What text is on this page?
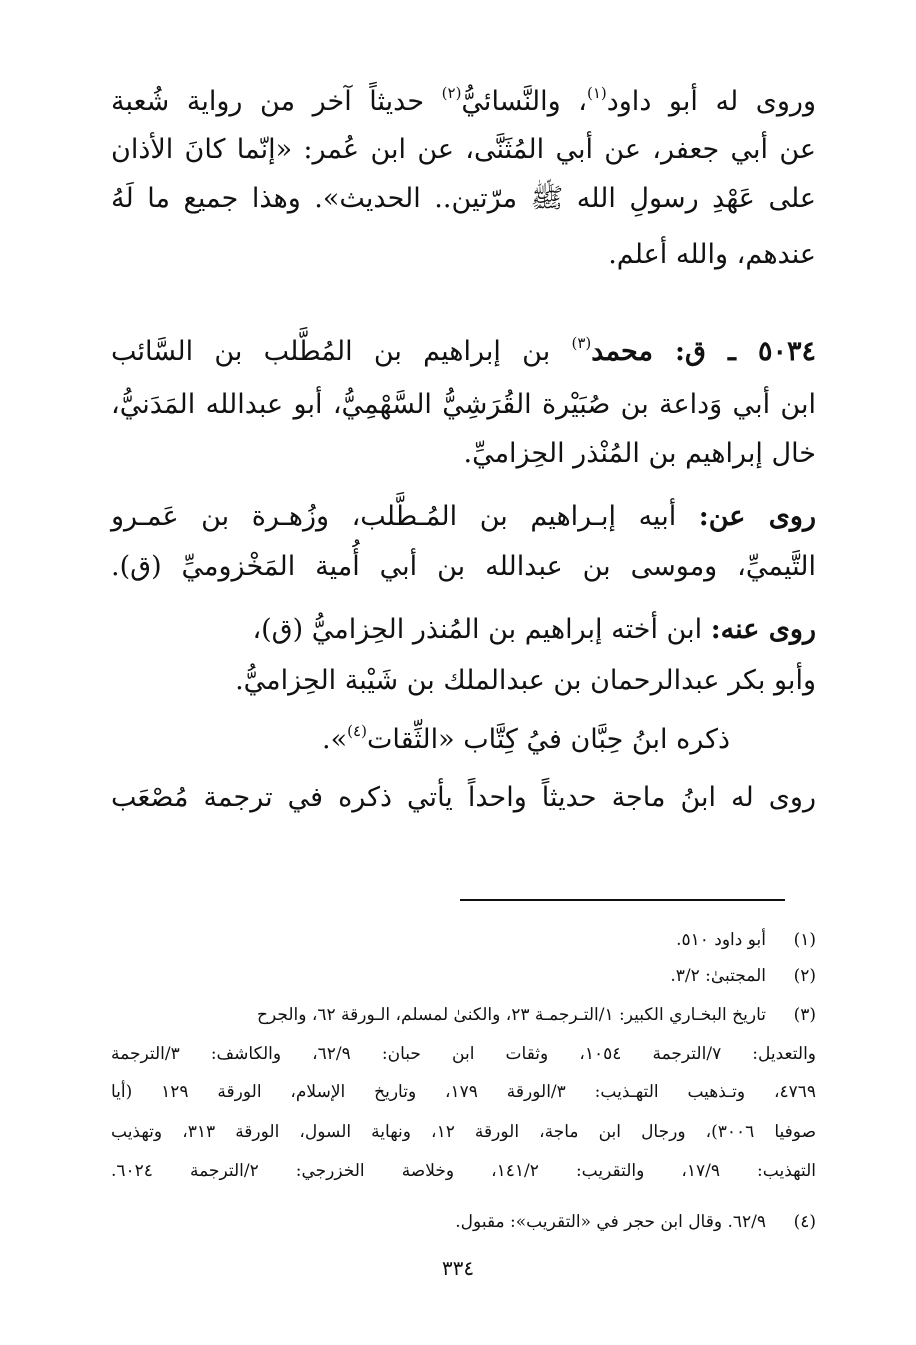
وروى له أبو داود$^{(١)}$، والنَّسائيُّ$^{(٢)}$ حديثاً آخر من رواية شُعبة
عن أبي جعفر، عن أبي المُثَنَّى، عن ابن عُمر: «إنّما كانَ الأذان
على عَهْدِ رسولِ الله ﷺ مرّتين.. الحديث». وهذا جميع ما لَهُ
عندهم، والله أعلم.
٥٠٣٤ ـ ق: محمد$^{(٣)}$ بن إبراهيم بن المُطَّلب بن السَّائب
ابن أبي وَداعة بن صُبَيْرة القُرَشِيُّ السَّهْمِيُّ، أبو عبدالله المَدَنيُّ،
خال إبراهيم بن المُنْذر الحِزاميِّ.
روى عن: أبيه إبـراهيم بن المُـطَّلب، وزُهـرة بن عَمـرو
التَّيميِّ، وموسى بن عبدالله بن أبي أُمية المَخْزوميِّ (ق).
روى عنه: ابن أخته إبراهيم بن المُنذر الحِزاميُّ (ق)،
وأبو بكر عبدالرحمان بن عبدالملك بن شَيْبة الحِزاميُّ.
ذكره ابنُ حِبَّان فيُ كِتَّاب «الثِّقات$^{(٤)}$».
روى له ابنُ ماجة حديثاً واحداً يأتي ذكره في ترجمة مُصْعَب
(١)أبو داود ٥١٠.
(٢)المجتبىٰ: ٣/٢.
تاريخ البخـاري الكبير: ١/التـرجمـة ٢٣، والكنىٰ لمسلم، الـورقة ٦٢، والجرح	(٣)
والتعديل: ٧/الترجمة ١٠٥٤، وثقات ابن حبان: ٦٢/٩، والكاشف: ٣/الترجمة
٤٧٦٩، وتـذهيب التهـذيب: ٣/الورقة ١٧٩، وتاريخ الإسلام، الورقة ١٢٩ (أيا
صوفيا ٣٠٠٦)، ورجال ابن ماجة، الورقة ١٢، ونهاية السول، الورقة ٣١٣، وتهذيب
التهذيب: ١٧/٩، والتقريب: ١٤١/٢، وخلاصة الخزرجي: ٢/الترجمة ٦٠٢٤.
(٤)٦٢/٩. وقال ابن حجر في «التقريب»: مقبول.
٣٣٤
